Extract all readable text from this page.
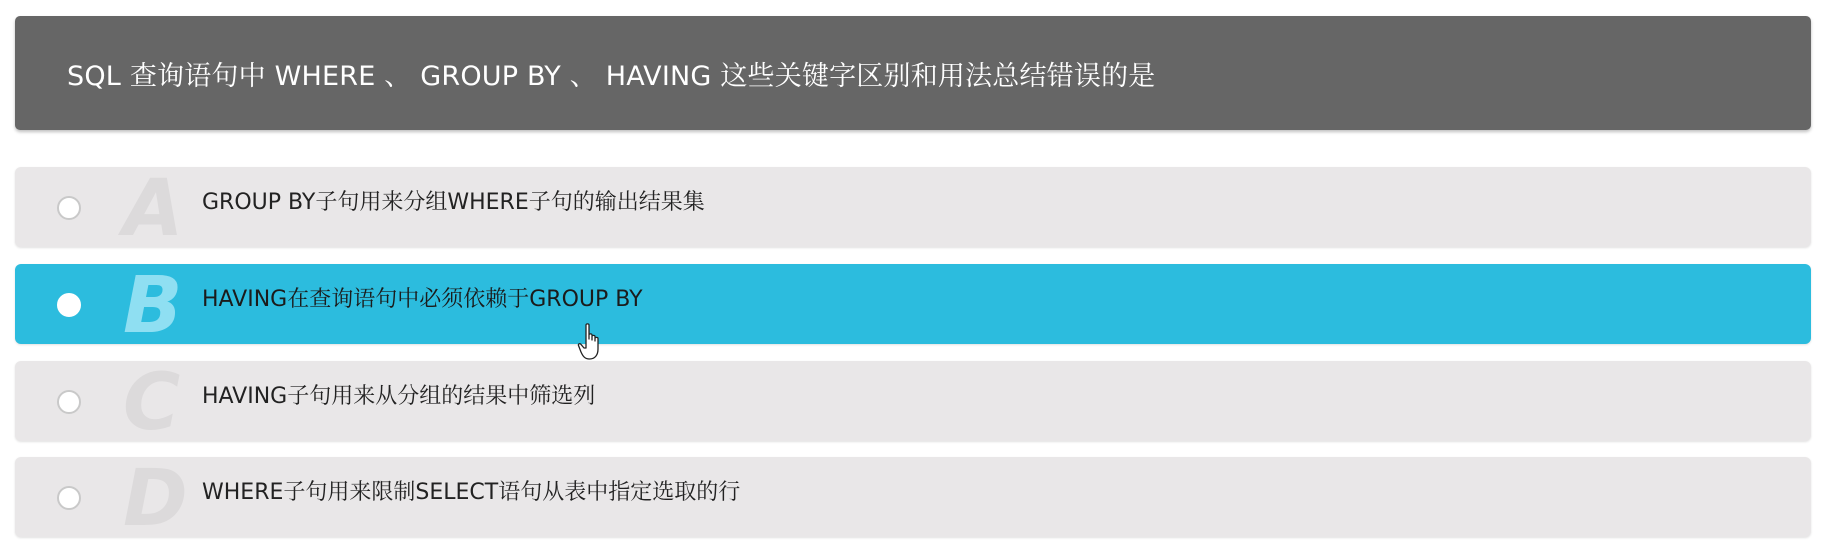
SQL 查询语句中 WHERE 、 GROUP BY 、 HAVING 这些关键字区别和用法总结错误的是
A GROUP BY子句用来分组WHERE子句的输出结果集
B HAVING在查询语句中必须依赖于GROUP BY
C HAVING子句用来从分组的结果中筛选列
D WHERE子句用来限制SELECT语句从表中指定选取的行
